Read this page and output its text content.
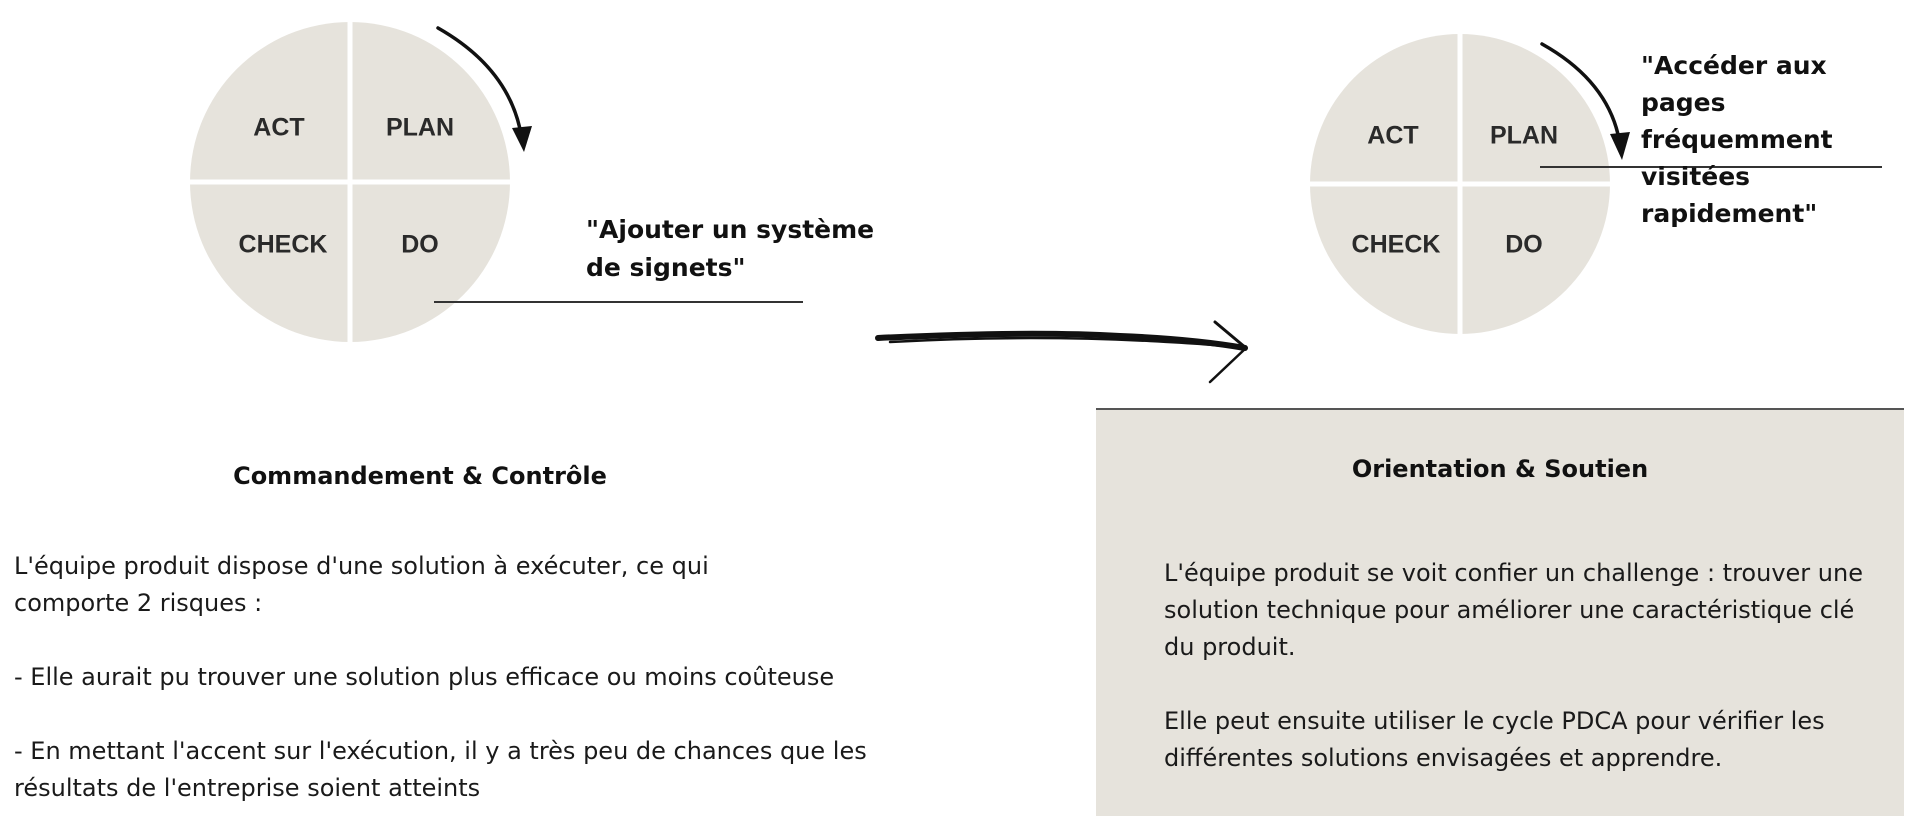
ACT	PLAN
CHECK	DO
"Ajouter un système
de signets"
ACT	PLAN
CHECK	DO
"Accéder aux pages
fréquemment visitées
rapidement"
Commandement & Contrôle

L'équipe produit dispose d'une solution à exécuter, ce qui

comporte 2 risques :

- Elle aurait pu trouver une solution plus efficace ou moins coûteuse

- En mettant l'accent sur l'exécution, il y a très peu de chances que les

résultats de l'entreprise soient atteints

Orientation & Soutien

L'équipe produit se voit confier un challenge : trouver une

solution technique pour améliorer une caractéristique clé

du produit.

Elle peut ensuite utiliser le cycle PDCA pour vérifier les

différentes solutions envisagées et apprendre.
